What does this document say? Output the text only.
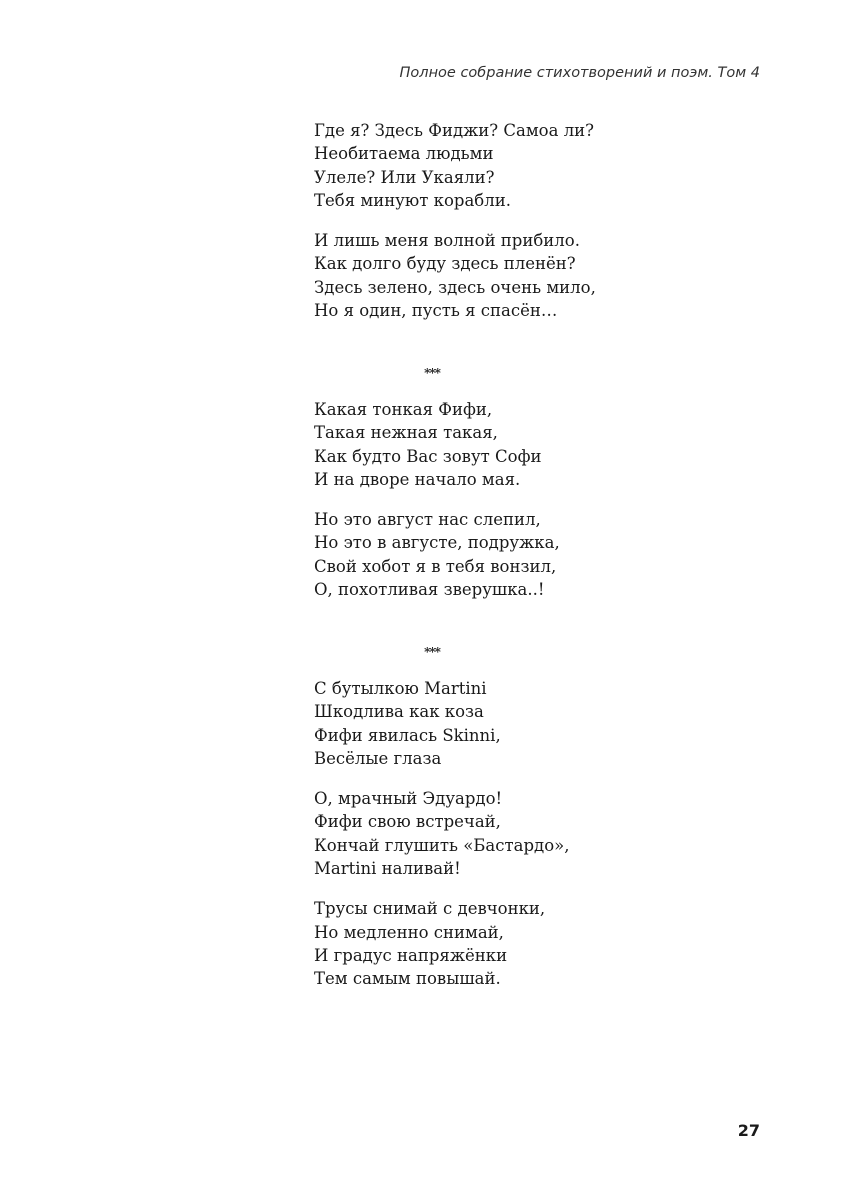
Полное собрание стихотворений и поэм. Том 4
Где я? Здесь Фиджи? Самоа ли?
Необитаема людьми
Улеле? Или Укаяли?
Тебя минуют корабли.
И лишь меня волной прибило.
Как долго буду здесь пленён?
Здесь зелено, здесь очень мило,
Но я один, пусть я спасён…
***
Какая тонкая Фифи,
Такая нежная такая,
Как будто Вас зовут Софи
И на дворе начало мая.
Но это август нас слепил,
Но это в августе, подружка,
Свой хобот я в тебя вонзил,
О, похотливая зверушка..!
***
С бутылкою Martini
Шкодлива как коза
Фифи явилась Skinni,
Весёлые глаза
О, мрачный Эдуардо!
Фифи свою встречай,
Кончай глушить «Бастардо»,
Martini наливай!
Трусы снимай с девчонки,
Но медленно снимай,
И градус напряжёнки
Тем самым повышай.
27
